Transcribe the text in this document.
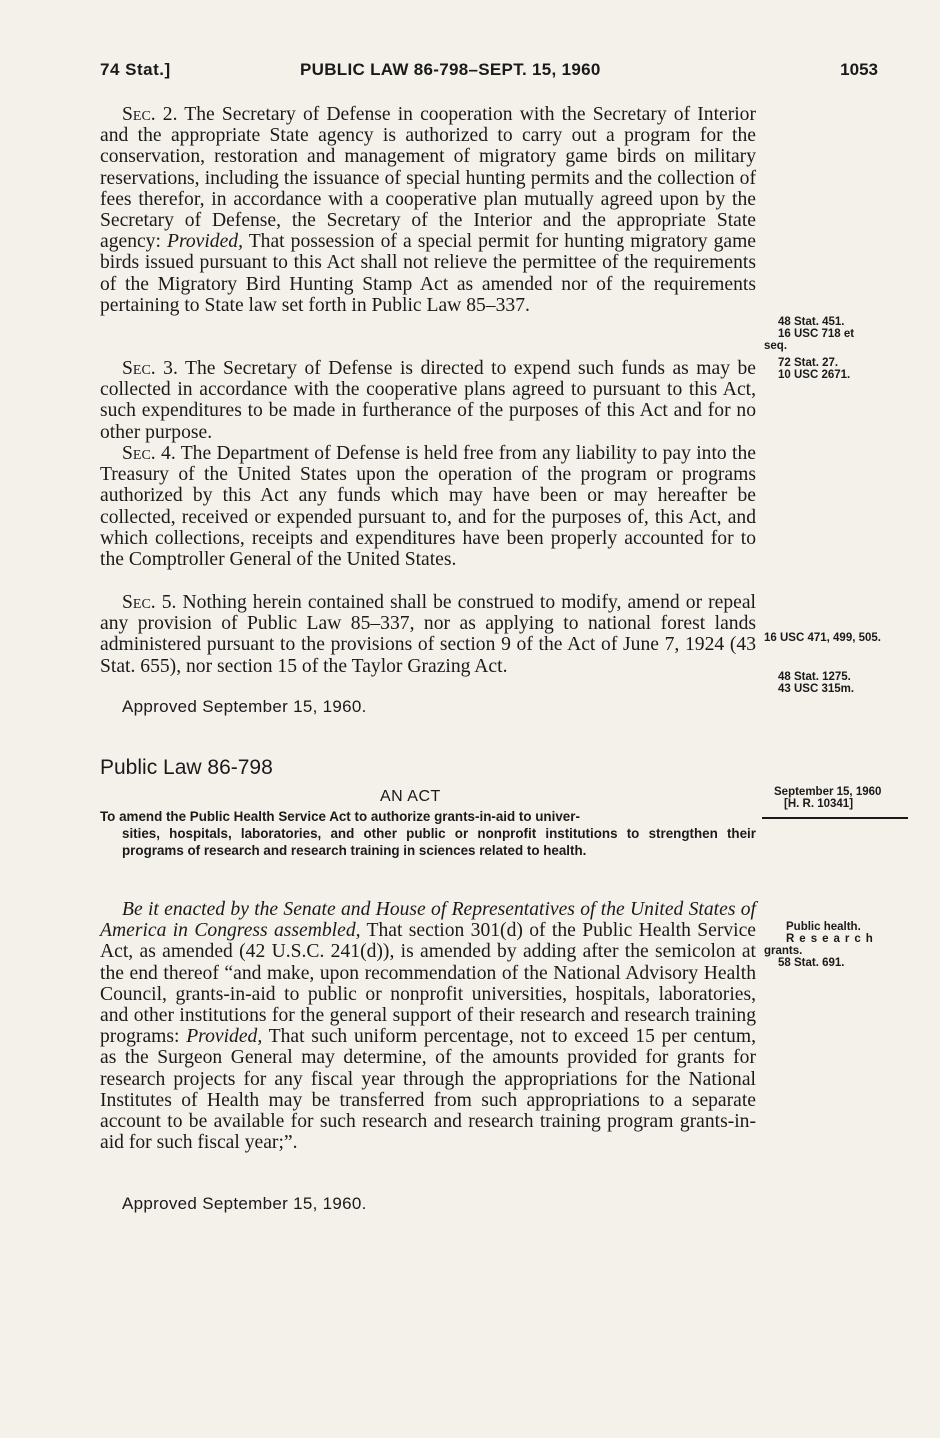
74 Stat.]	PUBLIC LAW 86-798–SEPT. 15, 1960	1053

Sec. 2. The Secretary of Defense in cooperation with the Secretary of Interior and the appropriate State agency is authorized to carry out a program for the conservation, restoration and management of migratory game birds on military reservations, including the issuance of special hunting permits and the collection of fees therefor, in accordance with a cooperative plan mutually agreed upon by the Secretary of Defense, the Secretary of the Interior and the appropriate State agency: Provided, That possession of a special permit for hunting migratory game birds issued pursuant to this Act shall not relieve the permittee of the requirements of the Migratory Bird Hunting Stamp Act as amended nor of the requirements pertaining to State law set forth in Public Law 85–337.

Sec. 3. The Secretary of Defense is directed to expend such funds as may be collected in accordance with the cooperative plans agreed to pursuant to this Act, such expenditures to be made in furtherance of the purposes of this Act and for no other purpose.

Sec. 4. The Department of Defense is held free from any liability to pay into the Treasury of the United States upon the operation of the program or programs authorized by this Act any funds which may have been or may hereafter be collected, received or expended pursuant to, and for the purposes of, this Act, and which collections, receipts and expenditures have been properly accounted for to the Comptroller General of the United States.

Sec. 5. Nothing herein contained shall be construed to modify, amend or repeal any provision of Public Law 85–337, nor as applying to national forest lands administered pursuant to the provisions of section 9 of the Act of June 7, 1924 (43 Stat. 655), nor section 15 of the Taylor Grazing Act.

Approved September 15, 1960.

48 Stat. 451.
16 USC 718 et
seq.
72 Stat. 27.
10 USC 2671.
16 USC 471, 499, 505.
48 Stat. 1275.
43 USC 315m.
Public Law 86-798
AN ACT	September 15, 1960
[H. R. 10341]
To amend the Public Health Service Act to authorize grants-in-aid to univer-
sities, hospitals, laboratories, and other public or nonprofit institutions to strengthen their programs of research and research training in sciences related to health.

Be it enacted by the Senate and House of Representatives of the United States of America in Congress assembled, That section 301(d) of the Public Health Service Act, as amended (42 U.S.C. 241(d)), is amended by adding after the semicolon at the end thereof “and make, upon recommendation of the National Advisory Health Council, grants-in-aid to public or nonprofit universities, hospitals, laboratories, and other institutions for the general support of their research and research training programs: Provided, That such uniform percentage, not to exceed 15 per centum, as the Surgeon General may determine, of the amounts provided for grants for research projects for any fiscal year through the appropriations for the National Institutes of Health may be transferred from such appropriations to a separate account to be available for such research and research training program grants-in-aid for such fiscal year;”.

Public health.
Research
grants.
58 Stat. 691.

Approved September 15, 1960.
